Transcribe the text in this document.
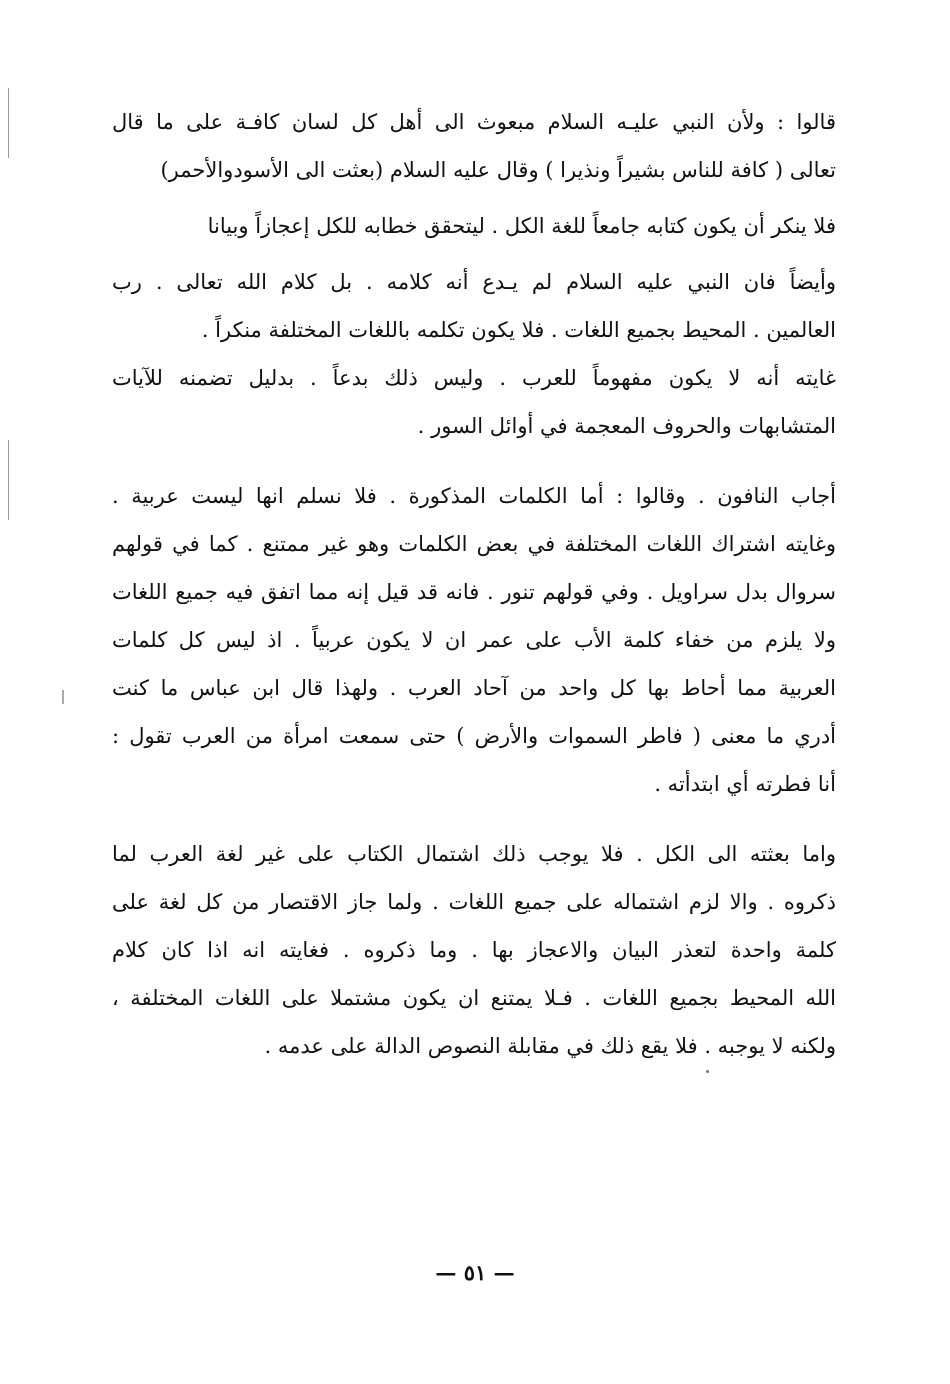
قالوا : ولأن النبي عليـه السلام مبعوث الى أهل كل لسان كافـة على ما قال
تعالى ( كافة للناس بشيراً ونذيرا ) وقال عليه السلام (بعثت الى الأسودوالأحمر)
فلا ينكر أن يكون كتابه جامعاً للغة الكل . ليتحقق خطابه للكل إعجازاً وبيانا
وأيضاً فان النبي عليه السلام لم يـدع أنه كلامه . بل كلام الله تعالى . رب
العالمين . المحيط بجميع اللغات . فلا يكون تكلمه باللغات المختلفة منكراً .
غايته أنه لا يكون مفهوماً للعرب . وليس ذلك بدعاً . بدليل تضمنه للآيات
المتشابهات والحروف المعجمة في أوائل السور .
أجاب النافون . وقالوا : أما الكلمات المذكورة . فلا نسلم انها ليست عربية .
وغايته اشتراك اللغات المختلفة في بعض الكلمات وهو غير ممتنع . كما في قولهم
سروال بدل سراويل . وفي قولهم تنور . فانه قد قيل إنه مما اتفق فيه جميع اللغات
ولا يلزم من خفاء كلمة الأب على عمر ان لا يكون عربياً . اذ ليس كل كلمات
العربية مما أحاط بها كل واحد من آحاد العرب . ولهذا قال ابن عباس ما كنت
أدري ما معنى ( فاطر السموات والأرض ) حتى سمعت امرأة من العرب تقول :
أنا فطرته أي ابتدأته .
واما بعثته الى الكل . فلا يوجب ذلك اشتمال الكتاب على غير لغة العرب لما
ذكروه . والا لزم اشتماله على جميع اللغات . ولما جاز الاقتصار من كل لغة على
كلمة واحدة لتعذر البيان والاعجاز بها . وما ذكروه . فغايته انه اذا كان كلام
الله المحيط بجميع اللغات . فـلا يمتنع ان يكون مشتملا على اللغات المختلفة ،
ولكنه لا يوجبه . فلا يقع ذلك في مقابلة النصوص الدالة على عدمه .
— ٥١ —
